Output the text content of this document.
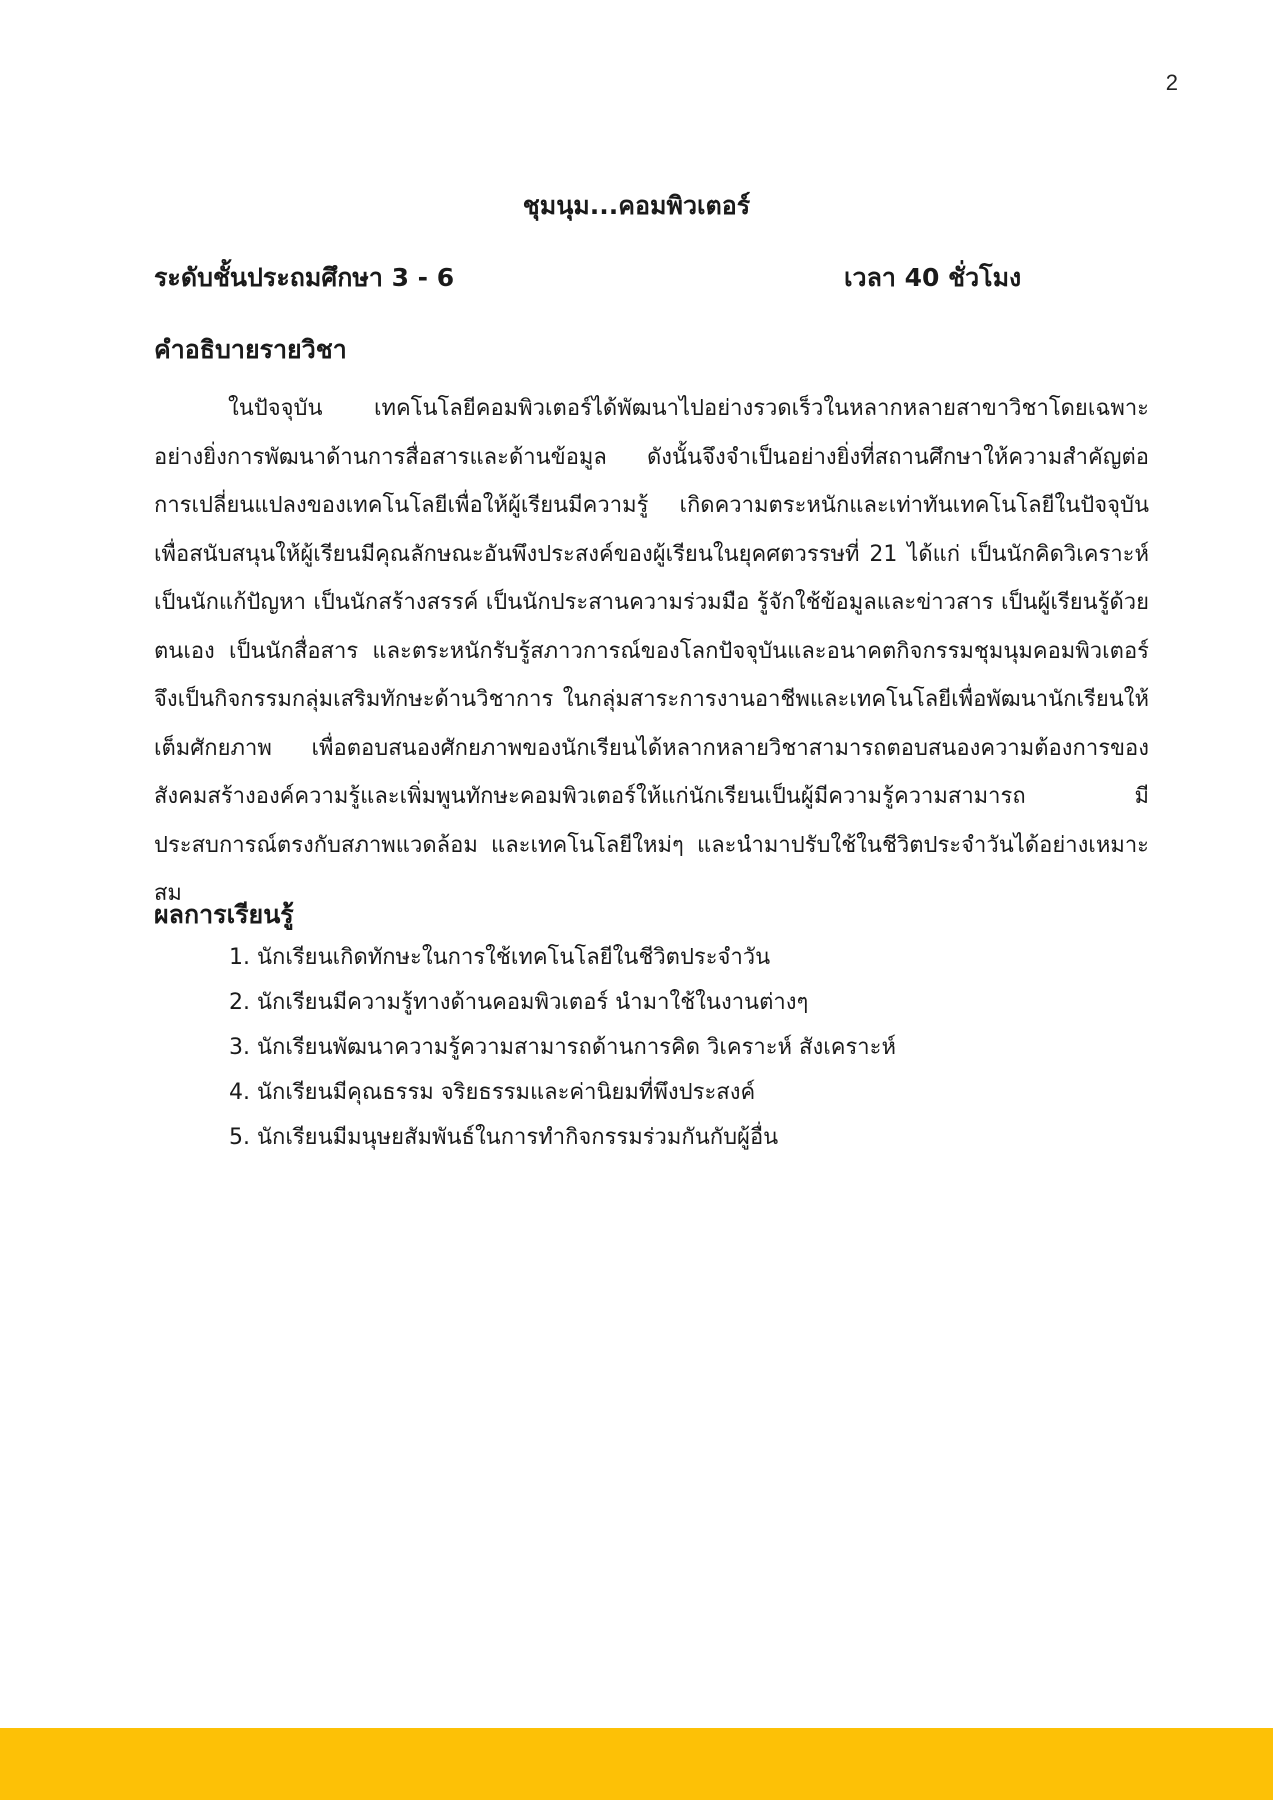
2
ชุมนุม...คอมพิวเตอร์
ระดับชั้นประถมศึกษา 3 - 6	เวลา 40 ชั่วโมง
คำอธิบายรายวิชา

ในปัจจุบัน เทคโนโลยีคอมพิวเตอร์ได้พัฒนาไปอย่างรวดเร็วในหลากหลายสาขาวิชาโดยเฉพาะอย่างยิ่งการพัฒนาด้านการสื่อสารและด้านข้อมูล ดังนั้นจึงจำเป็นอย่างยิ่งที่สถานศึกษาให้ความสำคัญต่อการเปลี่ยนแปลงของเทคโนโลยีเพื่อให้ผู้เรียนมีความรู้ เกิดความตระหนักและเท่าทันเทคโนโลยีในปัจจุบันเพื่อสนับสนุนให้ผู้เรียนมีคุณลักษณะอันพึงประสงค์ของผู้เรียนในยุคศตวรรษที่ 21 ได้แก่ เป็นนักคิดวิเคราะห์ เป็นนักแก้ปัญหา เป็นนักสร้างสรรค์ เป็นนักประสานความร่วมมือ รู้จักใช้ข้อมูลและข่าวสาร เป็นผู้เรียนรู้ด้วยตนเอง เป็นนักสื่อสาร และตระหนักรับรู้สภาวการณ์ของโลกปัจจุบันและอนาคตกิจกรรมชุมนุมคอมพิวเตอร์ จึงเป็นกิจกรรมกลุ่มเสริมทักษะด้านวิชาการ ในกลุ่มสาระการงานอาชีพและเทคโนโลยีเพื่อพัฒนานักเรียนให้เต็มศักยภาพ เพื่อตอบสนองศักยภาพของนักเรียนได้หลากหลายวิชาสามารถตอบสนองความต้องการของสังคมสร้างองค์ความรู้และเพิ่มพูนทักษะคอมพิวเตอร์ให้แก่นักเรียนเป็นผู้มีความรู้ความสามารถ มีประสบการณ์ตรงกับสภาพแวดล้อม และเทคโนโลยีใหม่ๆ และนำมาปรับใช้ในชีวิตประจำวันได้อย่างเหมาะสม

ผลการเรียนรู้
1. นักเรียนเกิดทักษะในการใช้เทคโนโลยีในชีวิตประจำวัน
2. นักเรียนมีความรู้ทางด้านคอมพิวเตอร์ นำมาใช้ในงานต่างๆ
3. นักเรียนพัฒนาความรู้ความสามารถด้านการคิด วิเคราะห์ สังเคราะห์
4. นักเรียนมีคุณธรรม จริยธรรมและค่านิยมที่พึงประสงค์
5. นักเรียนมีมนุษยสัมพันธ์ในการทำกิจกรรมร่วมกันกับผู้อื่น
